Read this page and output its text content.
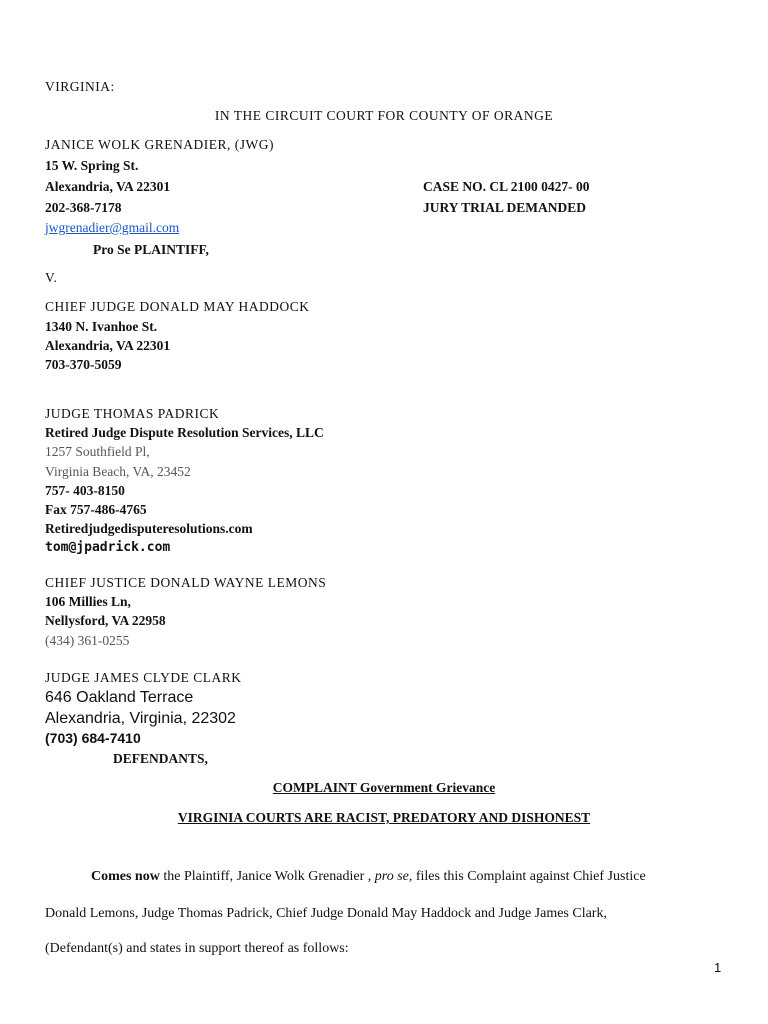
VIRGINIA:
IN THE CIRCUIT COURT FOR COUNTY OF ORANGE
JANICE WOLK GRENADIER, (JWG)
15 W. Spring St.
Alexandria, VA 22301	CASE NO. CL 2100 0427- 00
202-368-7178	JURY TRIAL DEMANDED
jwgrenadier@gmail.com
Pro Se PLAINTIFF,
V.
CHIEF JUDGE DONALD MAY HADDOCK
1340 N. Ivanhoe St.
Alexandria, VA 22301
703-370-5059
JUDGE THOMAS PADRICK
Retired Judge Dispute Resolution Services, LLC
1257 Southfield Pl,
Virginia Beach, VA, 23452
757- 403-8150
Fax 757-486-4765
Retiredjudgedisputeresolutions.com
tom@jpadrick.com
CHIEF JUSTICE DONALD WAYNE LEMONS
106 Millies Ln,
Nellysford, VA 22958
(434) 361-0255
JUDGE JAMES CLYDE CLARK
646 Oakland Terrace
Alexandria, Virginia, 22302
(703) 684-7410
DEFENDANTS,
COMPLAINT Government Grievance
VIRGINIA COURTS ARE RACIST, PREDATORY AND DISHONEST
Comes now the Plaintiff, Janice Wolk Grenadier , pro se, files this Complaint against Chief Justice
Donald Lemons, Judge Thomas Padrick, Chief Judge Donald May Haddock and Judge James Clark,
(Defendant(s) and states in support thereof as follows:
1
